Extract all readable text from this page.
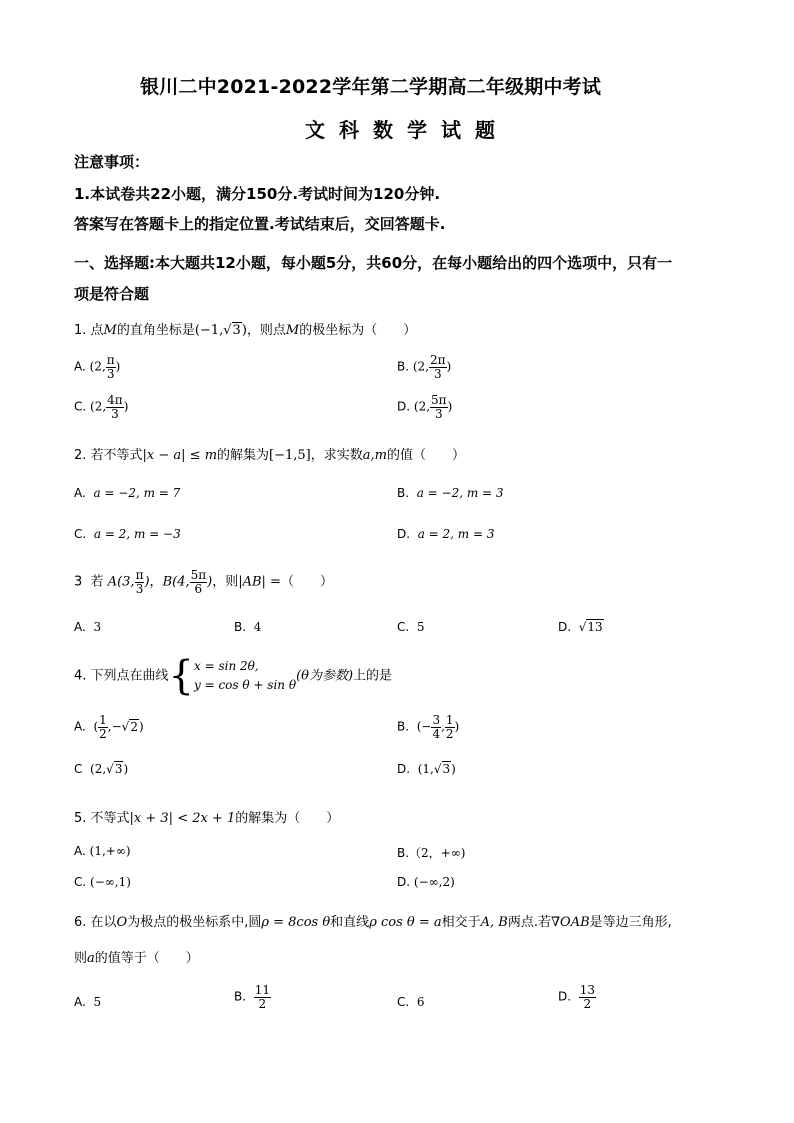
银川二中2021-2022学年第二学期高二年级期中考试
文科数学试题
注意事项：
1.本试卷共22小题，满分150分.考试时间为120分钟.
答案写在答题卡上的指定位置.考试结束后，交回答题卡.
一、选择题:本大题共12小题，每小题5分，共60分，在每小题给出的四个选项中，只有一
项是符合题
1. 点M的直角坐标是(−1,√3)，则点M的极坐标为（　　）
A. (2, $\frac{\pi}{3}$ )	B. (2, $\frac{2\pi}{3}$ )
C. (2, $\frac{4\pi}{3}$ )	D. (2, $\frac{5\pi}{3}$ )
2. 若不等式|x − a| ≤ m的解集为[−1,5]，求实数a,m的值（　　）
A. a = −2, m = 7	B. a = −2, m = 3
C. a = 2, m = −3	D. a = 2, m = 3
3 若 A(3, $\frac{\pi}{3}$ )，B(4, $\frac{5\pi}{6}$ )，则|AB| =（　　）
A. 3	B. 4	C. 5	D. √13
4. 下列点在曲线{ x = sin 2θ,
y = cos θ + sin θ
(θ为参数)上的是
A. ( $\frac{1}{2} ,-√2$)	B. (− $\frac{3}{4}$ , $\frac{1}{2}$ )
C (2,√3)	D. (1,√3)
5. 不等式|x + 3| < 2x + 1的解集为（　　）
A. (1,+∞)	B.（2，+∞)
C. (−∞,1)	D. (−∞,2)
6. 在以O为极点的极坐标系中,圆ρ = 8cos θ和直线ρ cos θ = a相交于A, B两点.若∇OAB是等边三角形,
则a的值等于（　　）
A. 5	B. $\frac{11}{2}$	C. 6	D. $\frac{13}{2}$
